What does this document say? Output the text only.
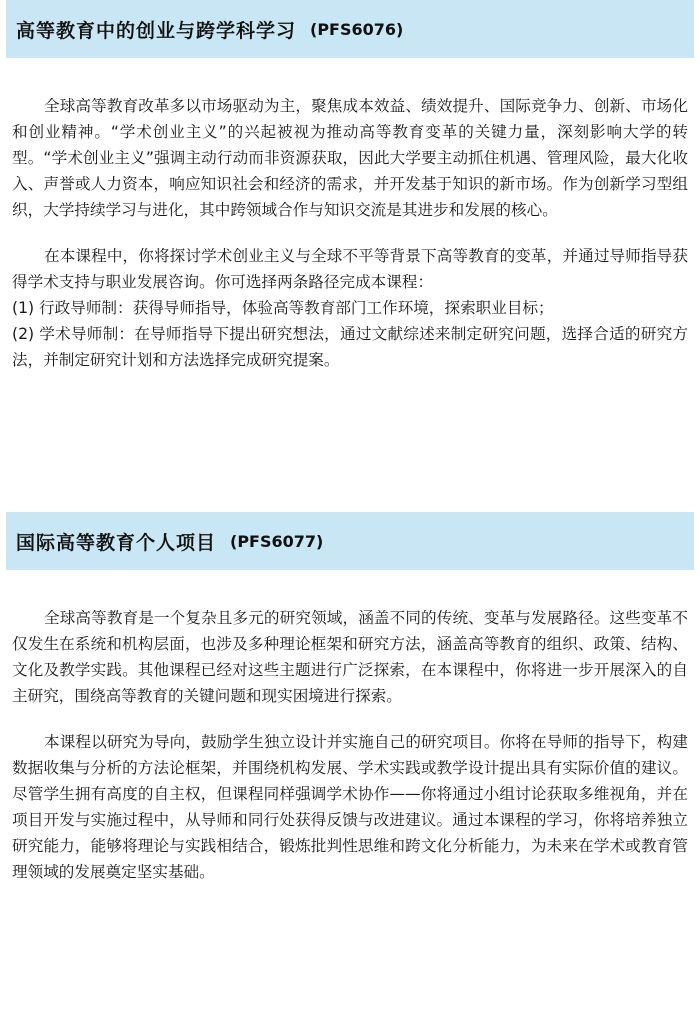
高等教育中的创业与跨学科学习 (PFS6076)

全球高等教育改革多以市场驱动为主，聚焦成本效益、绩效提升、国际竞争力、创新、市场化和创业精神。“学术创业主义”的兴起被视为推动高等教育变革的关键力量，深刻影响大学的转型。“学术创业主义”强调主动行动而非资源获取，因此大学要主动抓住机遇、管理风险，最大化收入、声誉或人力资本，响应知识社会和经济的需求，并开发基于知识的新市场。作为创新学习型组织，大学持续学习与进化，其中跨领域合作与知识交流是其进步和发展的核心。

在本课程中，你将探讨学术创业主义与全球不平等背景下高等教育的变革，并通过导师指导获得学术支持与职业发展咨询。你可选择两条路径完成本课程：

(1) 行政导师制：获得导师指导，体验高等教育部门工作环境，探索职业目标；

(2) 学术导师制：在导师指导下提出研究想法，通过文献综述来制定研究问题，选择合适的研究方法，并制定研究计划和方法选择完成研究提案。

国际高等教育个人项目 (PFS6077)

全球高等教育是一个复杂且多元的研究领域，涵盖不同的传统、变革与发展路径。这些变革不仅发生在系统和机构层面，也涉及多种理论框架和研究方法，涵盖高等教育的组织、政策、结构、文化及教学实践。其他课程已经对这些主题进行广泛探索，在本课程中，你将进一步开展深入的自主研究，围绕高等教育的关键问题和现实困境进行探索。

本课程以研究为导向，鼓励学生独立设计并实施自己的研究项目。你将在导师的指导下，构建数据收集与分析的方法论框架，并围绕机构发展、学术实践或教学设计提出具有实际价值的建议。尽管学生拥有高度的自主权，但课程同样强调学术协作——你将通过小组讨论获取多维视角，并在项目开发与实施过程中，从导师和同行处获得反馈与改进建议。通过本课程的学习，你将培养独立研究能力，能够将理论与实践相结合，锻炼批判性思维和跨文化分析能力，为未来在学术或教育管理领域的发展奠定坚实基础。
